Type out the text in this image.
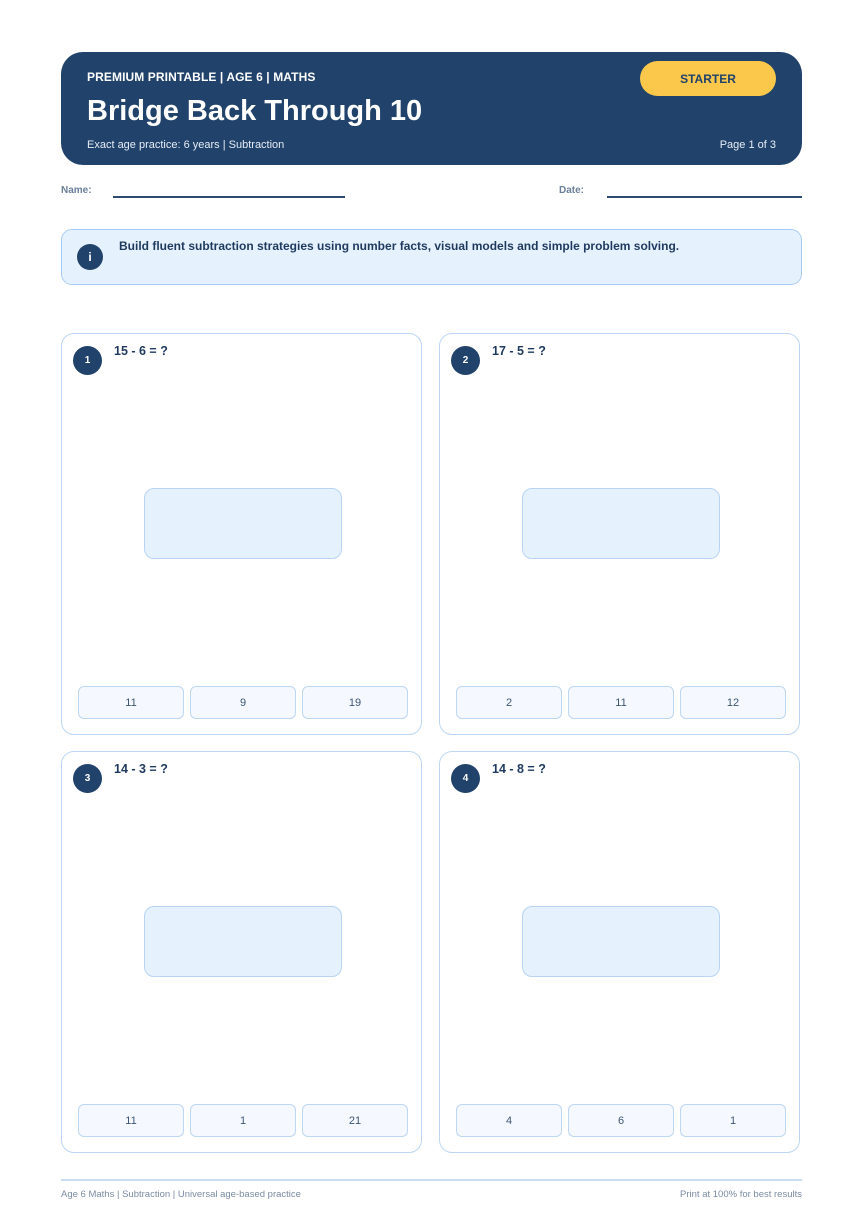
PREMIUM PRINTABLE | AGE 6 | MATHS
Bridge Back Through 10
Exact age practice: 6 years | Subtraction	Page 1 of 3
STARTER
Name:	Date:
i
Build fluent subtraction strategies using number facts, visual models and simple problem solving.
1
15 - 6 = ?
11	9	19
2
17 - 5 = ?
2	11	12
3
14 - 3 = ?
11	1	21
4
14 - 8 = ?
4	6	1
Age 6 Maths | Subtraction | Universal age-based practice	Print at 100% for best results
